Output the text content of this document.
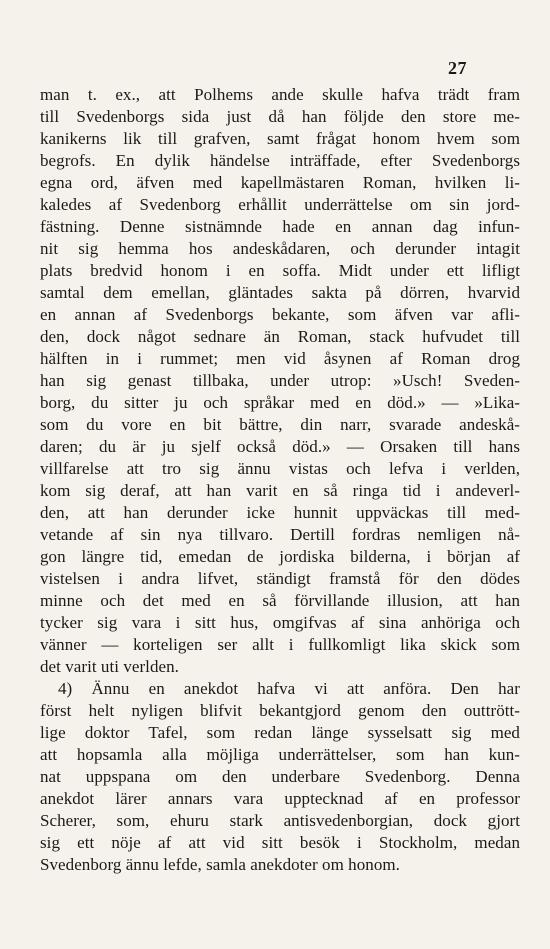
27
man t. ex., att Polhems ande skulle hafva trädt fram
till Svedenborgs sida just då han följde den store me-
kanikerns lik till grafven, samt frågat honom hvem som
begrofs. En dylik händelse inträffade, efter Svedenborgs
egna ord, äfven med kapellmästaren Roman, hvilken li-
kaledes af Svedenborg erhållit underrättelse om sin jord-
fästning. Denne sistnämnde hade en annan dag infun-
nit sig hemma hos andeskådaren, och derunder intagit
plats bredvid honom i en soffa. Midt under ett lifligt
samtal dem emellan, gläntades sakta på dörren, hvarvid
en annan af Svedenborgs bekante, som äfven var afli-
den, dock något sednare än Roman, stack hufvudet till
hälften in i rummet; men vid åsynen af Roman drog
han sig genast tillbaka, under utrop: »Usch! Sveden-
borg, du sitter ju och språkar med en död.» — »Lika-
som du vore en bit bättre, din narr, svarade andeskå-
daren; du är ju sjelf också död.» — Orsaken till hans
villfarelse att tro sig ännu vistas och lefva i verlden,
kom sig deraf, att han varit en så ringa tid i andeverl-
den, att han derunder icke hunnit uppväckas till med-
vetande af sin nya tillvaro. Dertill fordras nemligen nå-
gon längre tid, emedan de jordiska bilderna, i början af
vistelsen i andra lifvet, ständigt framstå för den dödes
minne och det med en så förvillande illusion, att han
tycker sig vara i sitt hus, omgifvas af sina anhöriga och
vänner — korteligen ser allt i fullkomligt lika skick som
det varit uti verlden.
4) Ännu en anekdot hafva vi att anföra. Den har
först helt nyligen blifvit bekantgjord genom den outtrött-
lige doktor Tafel, som redan länge sysselsatt sig med
att hopsamla alla möjliga underrättelser, som han kun-
nat uppspana om den underbare Svedenborg. Denna
anekdot lärer annars vara upptecknad af en professor
Scherer, som, ehuru stark antisvedenborgian, dock gjort
sig ett nöje af att vid sitt besök i Stockholm, medan
Svedenborg ännu lefde, samla anekdoter om honom.
